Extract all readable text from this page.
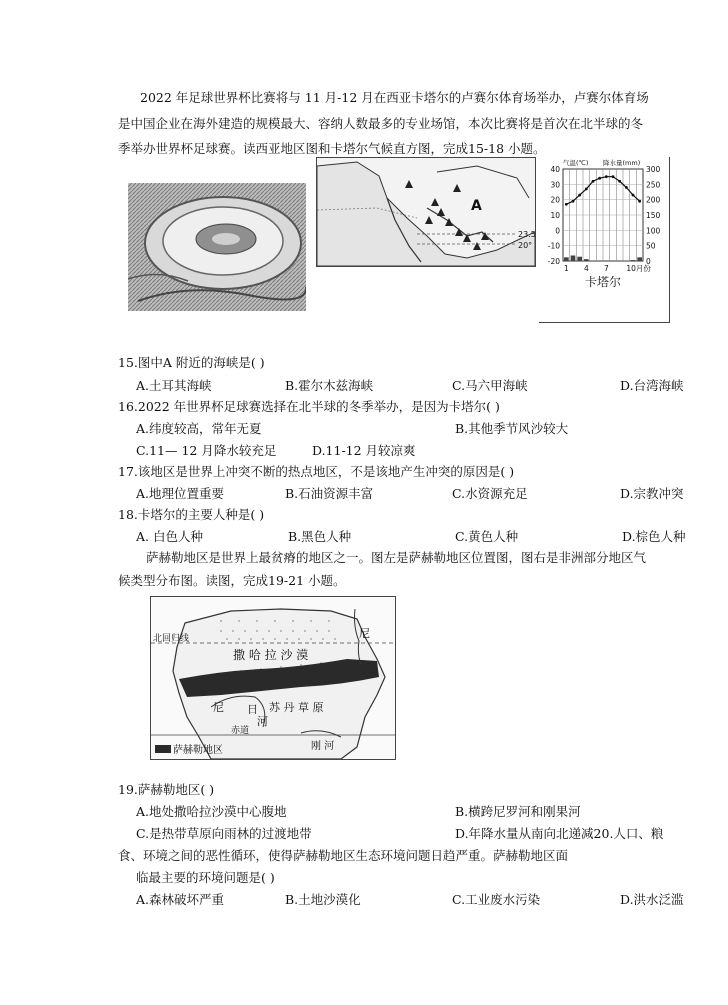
2022 年足球世界杯比赛将与 11 月-12 月在西亚卡塔尔的卢赛尔体育场举办，卢赛尔体育场
是中国企业在海外建造的规模最大、容纳人数最多的专业场馆，本次比赛将是首次在北半球的冬
季举办世界杯足球赛。读西亚地区图和卡塔尔气候直方图，完成15-18 小题。
A
23.5
20°
40
30
20
10
0
-10
-20
300
250
200
150
100
50
0
气温(℃) 降水量(mm)
1 4 7 10月份
卡塔尔
15.图中A 附近的海峡是( )
A.土耳其海峡	B.霍尔木兹海峡	C.马六甲海峡	D.台湾海峡
16.2022 年世界杯足球赛选择在北半球的冬季举办，是因为卡塔尔( )
A.纬度较高，常年无夏	B.其他季节风沙较大
C.11— 12 月降水较充足	D.11-12 月较凉爽
17.该地区是世界上冲突不断的热点地区，不是该地产生冲突的原因是( )
A.地理位置重要	B.石油资源丰富	C.水资源充足	D.宗教冲突
18.卡塔尔的主要人种是( )
A. 白色人种	B.黑色人种	C.黄色人种	D.棕色人种
萨赫勒地区是世界上最贫瘠的地区之一。图左是萨赫勒地区位置图，图右是非洲部分地区气
候类型分布图。读图，完成19-21 小题。
北回归线
赤道
撒 哈 拉 沙 漠
尼
尼 日
河
苏 丹 草 原
刚 河
萨赫勒地区
19.萨赫勒地区( )
A.地处撒哈拉沙漠中心腹地	B.横跨尼罗河和刚果河
C.是热带草原向雨林的过渡地带	D.年降水量从南向北递减20.人口、粮
食、环境之间的恶性循环，使得萨赫勒地区生态环境问题日趋严重。萨赫勒地区面
临最主要的环境问题是( )
A.森林破坏严重	B.土地沙漠化	C.工业废水污染	D.洪水泛滥
